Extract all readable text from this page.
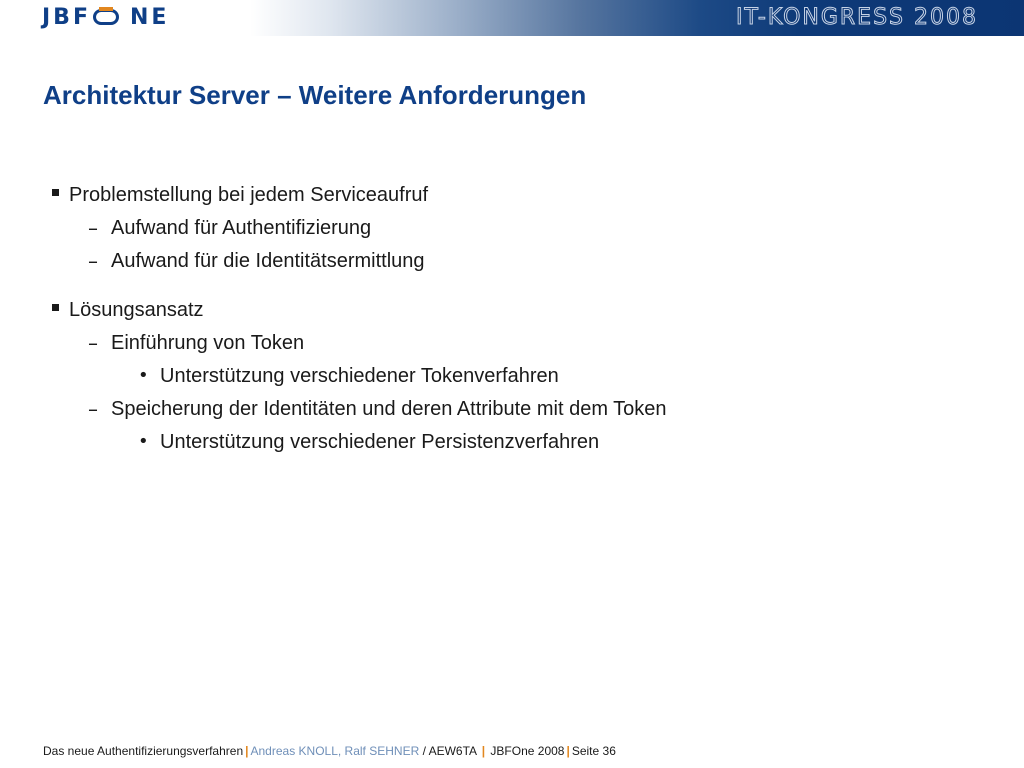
JBF NE	IT-KONGRESS 2008
Architektur Server – Weitere Anforderungen
Problemstellung bei jedem Serviceaufruf
– Aufwand für Authentifizierung
– Aufwand für die Identitätsermittlung
Lösungsansatz
– Einführung von Token
• Unterstützung verschiedener Tokenverfahren
– Speicherung der Identitäten und deren Attribute mit dem Token
• Unterstützung verschiedener Persistenzverfahren
Das neue Authentifizierungsverfahren | Andreas KNOLL, Ralf SEHNER / AEW6TA | JBFOne 2008 | Seite 36
